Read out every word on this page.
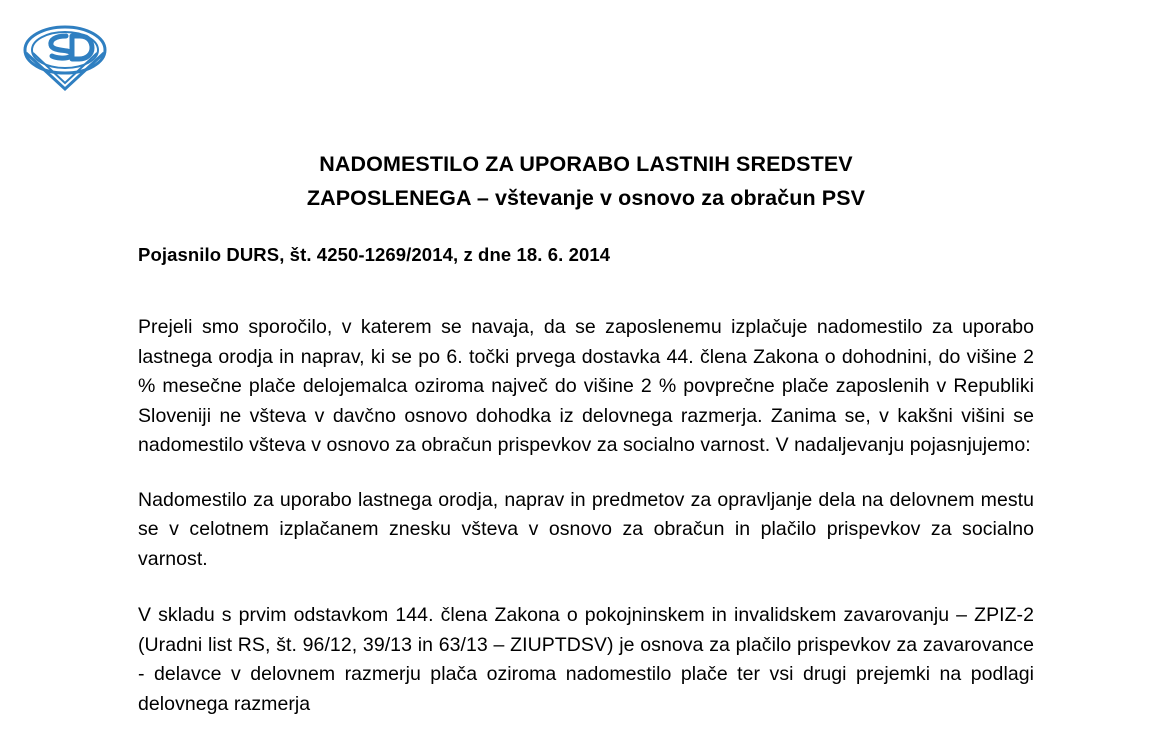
NADOMESTILO ZA UPORABO LASTNIH SREDSTEV
ZAPOSLENEGA – vštevanje v osnovo za obračun PSV
Pojasnilo DURS, št. 4250-1269/2014, z dne 18. 6. 2014

Prejeli smo sporočilo, v katerem se navaja, da se zaposlenemu izplačuje nadomestilo za uporabo lastnega orodja in naprav, ki se po 6. točki prvega dostavka 44. člena Zakona o dohodnini, do višine 2 % mesečne plače delojemalca oziroma največ do višine 2 % povprečne plače zaposlenih v Republiki Sloveniji ne všteva v davčno osnovo dohodka iz delovnega razmerja. Zanima se, v kakšni višini se nadomestilo všteva v osnovo za obračun prispevkov za socialno varnost. V nadaljevanju pojasnjujemo:

Nadomestilo za uporabo lastnega orodja, naprav in predmetov za opravljanje dela na delovnem mestu se v celotnem izplačanem znesku všteva v osnovo za obračun in plačilo prispevkov za socialno varnost.

V skladu s prvim odstavkom 144. člena Zakona o pokojninskem in invalidskem zavarovanju – ZPIZ-2 (Uradni list RS, št. 96/12, 39/13 in 63/13 – ZIUPTDSV) je osnova za plačilo prispevkov za zavarovance - delavce v delovnem razmerju plača oziroma nadomestilo plače ter vsi drugi prejemki na podlagi delovnega razmerja
